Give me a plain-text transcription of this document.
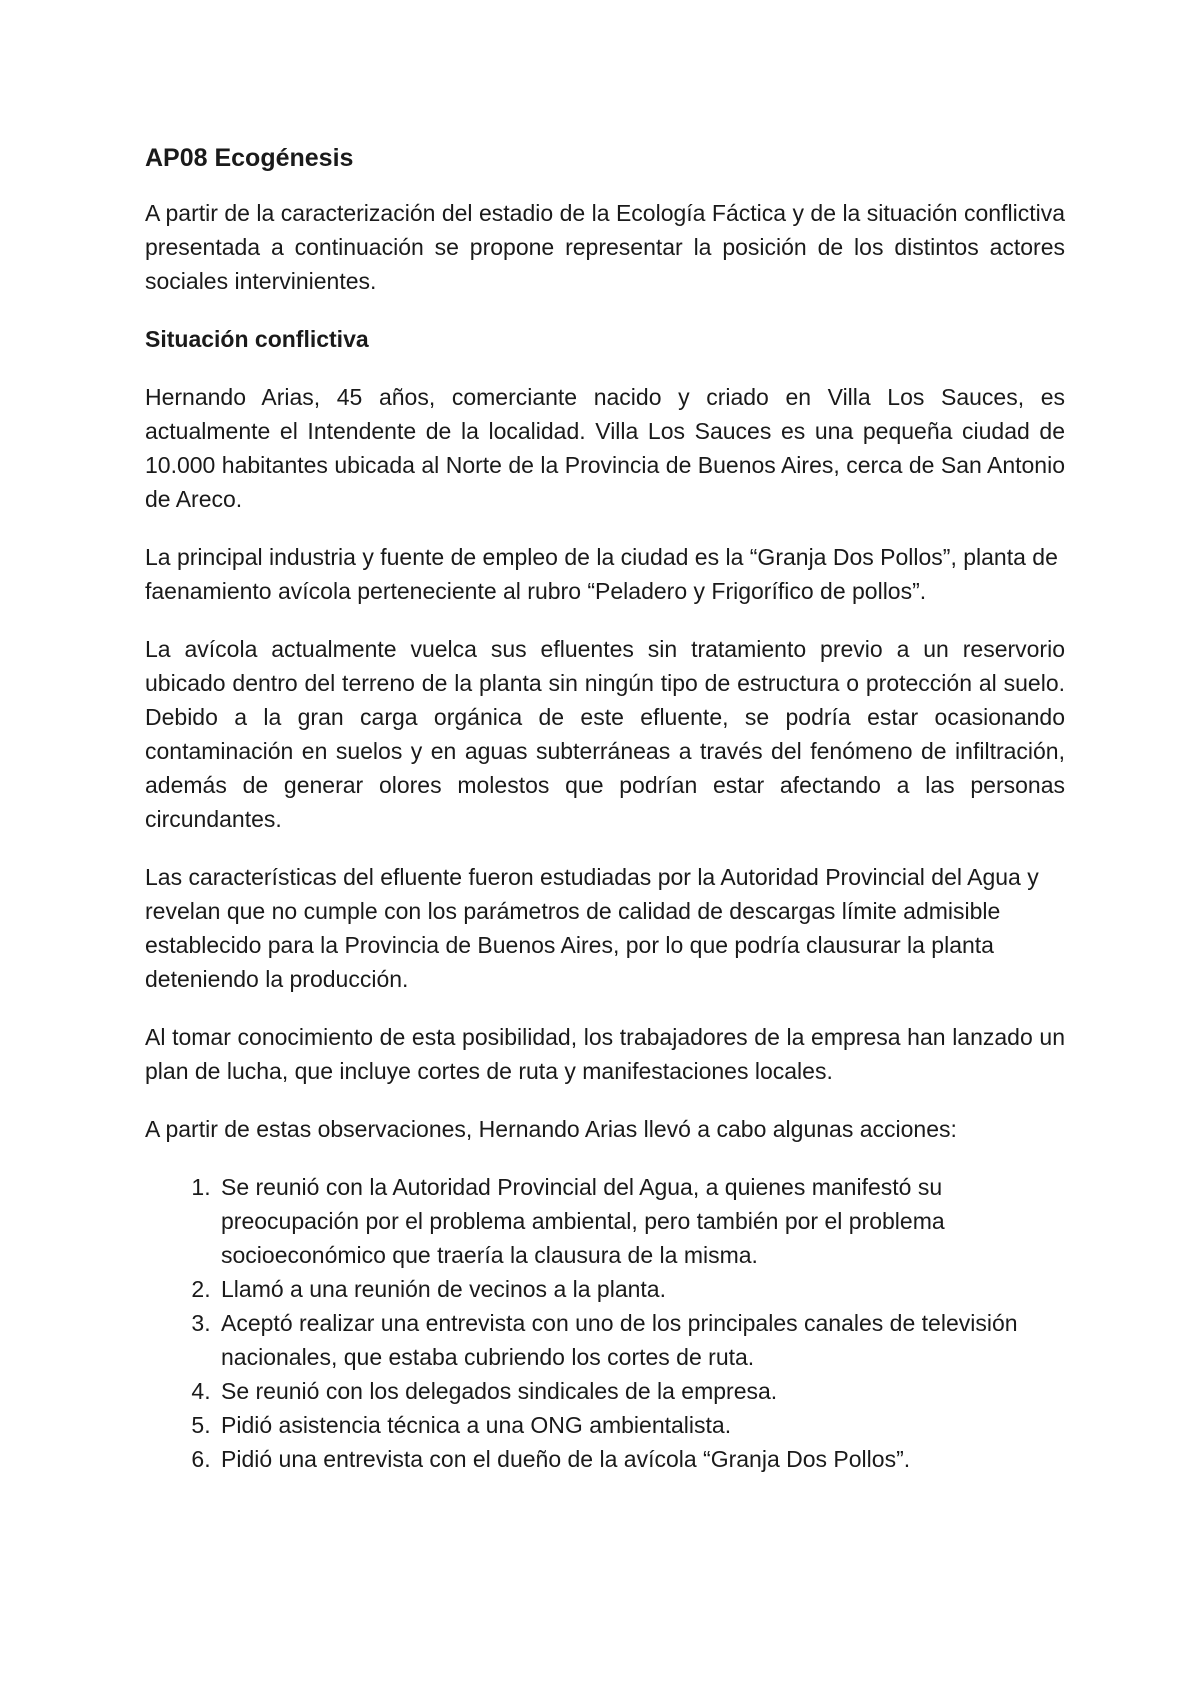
AP08 Ecogénesis

A partir de la caracterización del estadio de la Ecología Fáctica y de la situación conflictiva presentada a continuación se propone representar la posición de los distintos actores sociales intervinientes.

Situación conflictiva

Hernando Arias, 45 años, comerciante nacido y criado en Villa Los Sauces, es actualmente el Intendente de la localidad. Villa Los Sauces es una pequeña ciudad de 10.000 habitantes ubicada al Norte de la Provincia de Buenos Aires, cerca de San Antonio de Areco.

La principal industria y fuente de empleo de la ciudad es la “Granja Dos Pollos”, planta de faenamiento avícola perteneciente al rubro “Peladero y Frigorífico de pollos”.

La avícola actualmente vuelca sus efluentes sin tratamiento previo a un reservorio ubicado dentro del terreno de la planta sin ningún tipo de estructura o protección al suelo. Debido a la gran carga orgánica de este efluente, se podría estar ocasionando contaminación en suelos y en aguas subterráneas a través del fenómeno de infiltración, además de generar olores molestos que podrían estar afectando a las personas circundantes.

Las características del efluente fueron estudiadas por la Autoridad Provincial del Agua y revelan que no cumple con los parámetros de calidad de descargas límite admisible establecido para la Provincia de Buenos Aires, por lo que podría clausurar la planta deteniendo la producción.

Al tomar conocimiento de esta posibilidad, los trabajadores de la empresa han lanzado un plan de lucha, que incluye cortes de ruta y manifestaciones locales.

A partir de estas observaciones, Hernando Arias llevó a cabo algunas acciones:

1. Se reunió con la Autoridad Provincial del Agua, a quienes manifestó su preocupación por el problema ambiental, pero también por el problema socioeconómico que traería la clausura de la misma.
2. Llamó a una reunión de vecinos a la planta.
3. Aceptó realizar una entrevista con uno de los principales canales de televisión nacionales, que estaba cubriendo los cortes de ruta.
4. Se reunió con los delegados sindicales de la empresa.
5. Pidió asistencia técnica a una ONG ambientalista.
6. Pidió una entrevista con el dueño de la avícola “Granja Dos Pollos”.
